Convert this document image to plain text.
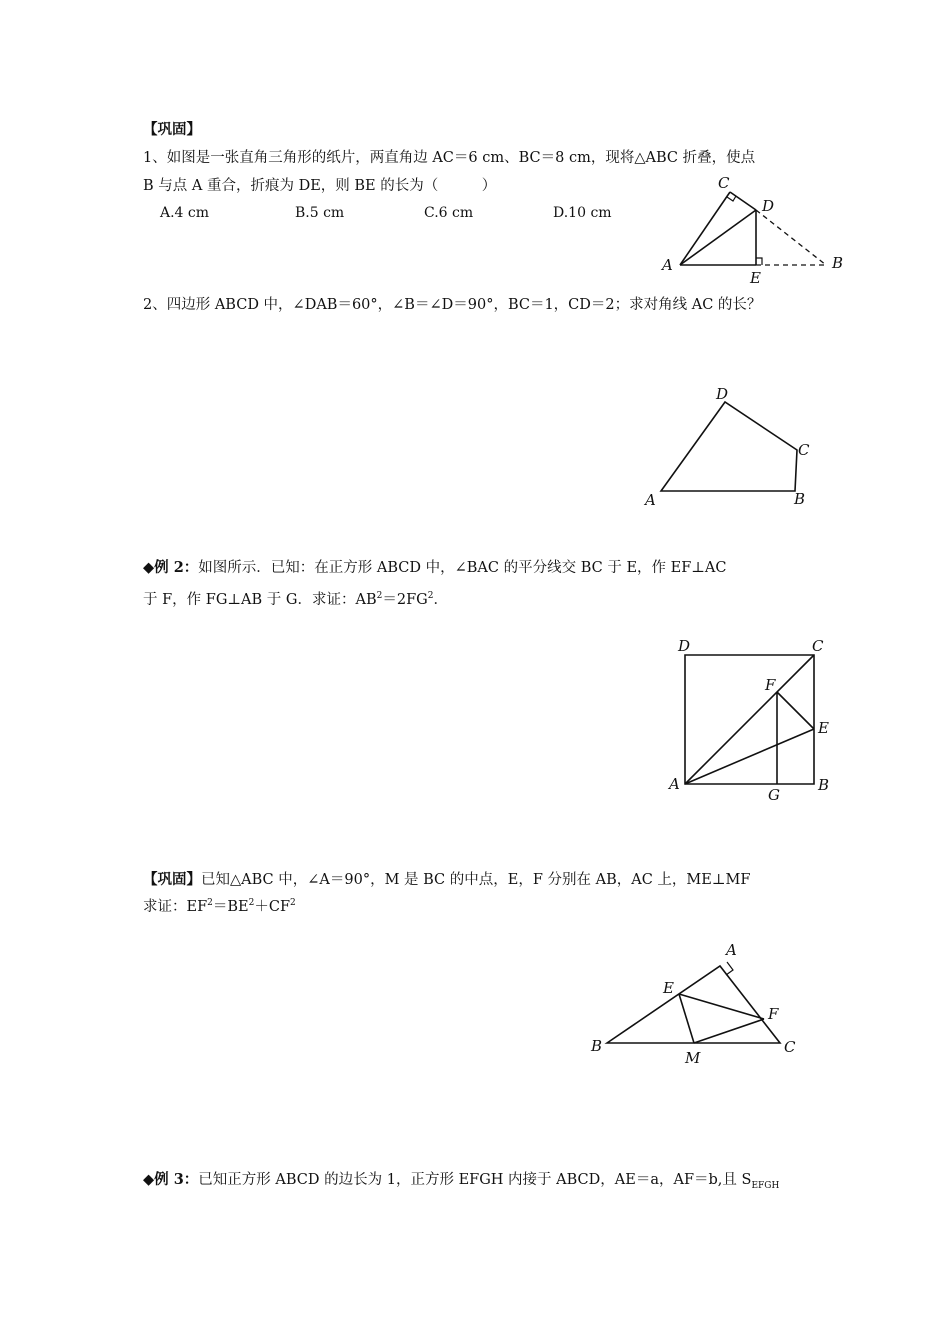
【巩固】
1、如图是一张直角三角形的纸片，两直角边 AC＝6 cm、BC＝8 cm，现将△ABC 折叠，使点
B 与点 A 重合，折痕为 DE，则 BE 的长为（　　　）
A.4 cm	B.5 cm	C.6 cm	D.10 cm
A
C
D
E
B
2、四边形 ABCD 中，∠DAB＝60°，∠B＝∠D＝90°，BC＝1，CD＝2；求对角线 AC 的长？
A	B
C
D
◆例 2：如图所示．已知：在正方形 ABCD 中，∠BAC 的平分线交 BC 于 E，作 EF⊥AC
于 F，作 FG⊥AB 于 G．求证：$AB^2=2FG^2$．
D	C
F
E
A
G
B
【巩固】已知△ABC 中，∠A＝90°，M 是 BC 的中点，E，F 分别在 AB，AC 上，ME⊥MF
求证：$EF^2=BE^2+CF^2$
A
E
F
B
M
C
◆例 3：已知正方形 ABCD 的边长为 1，正方形 EFGH 内接于 ABCD，AE＝a，AF＝b,且 $S_{EFGH}$
